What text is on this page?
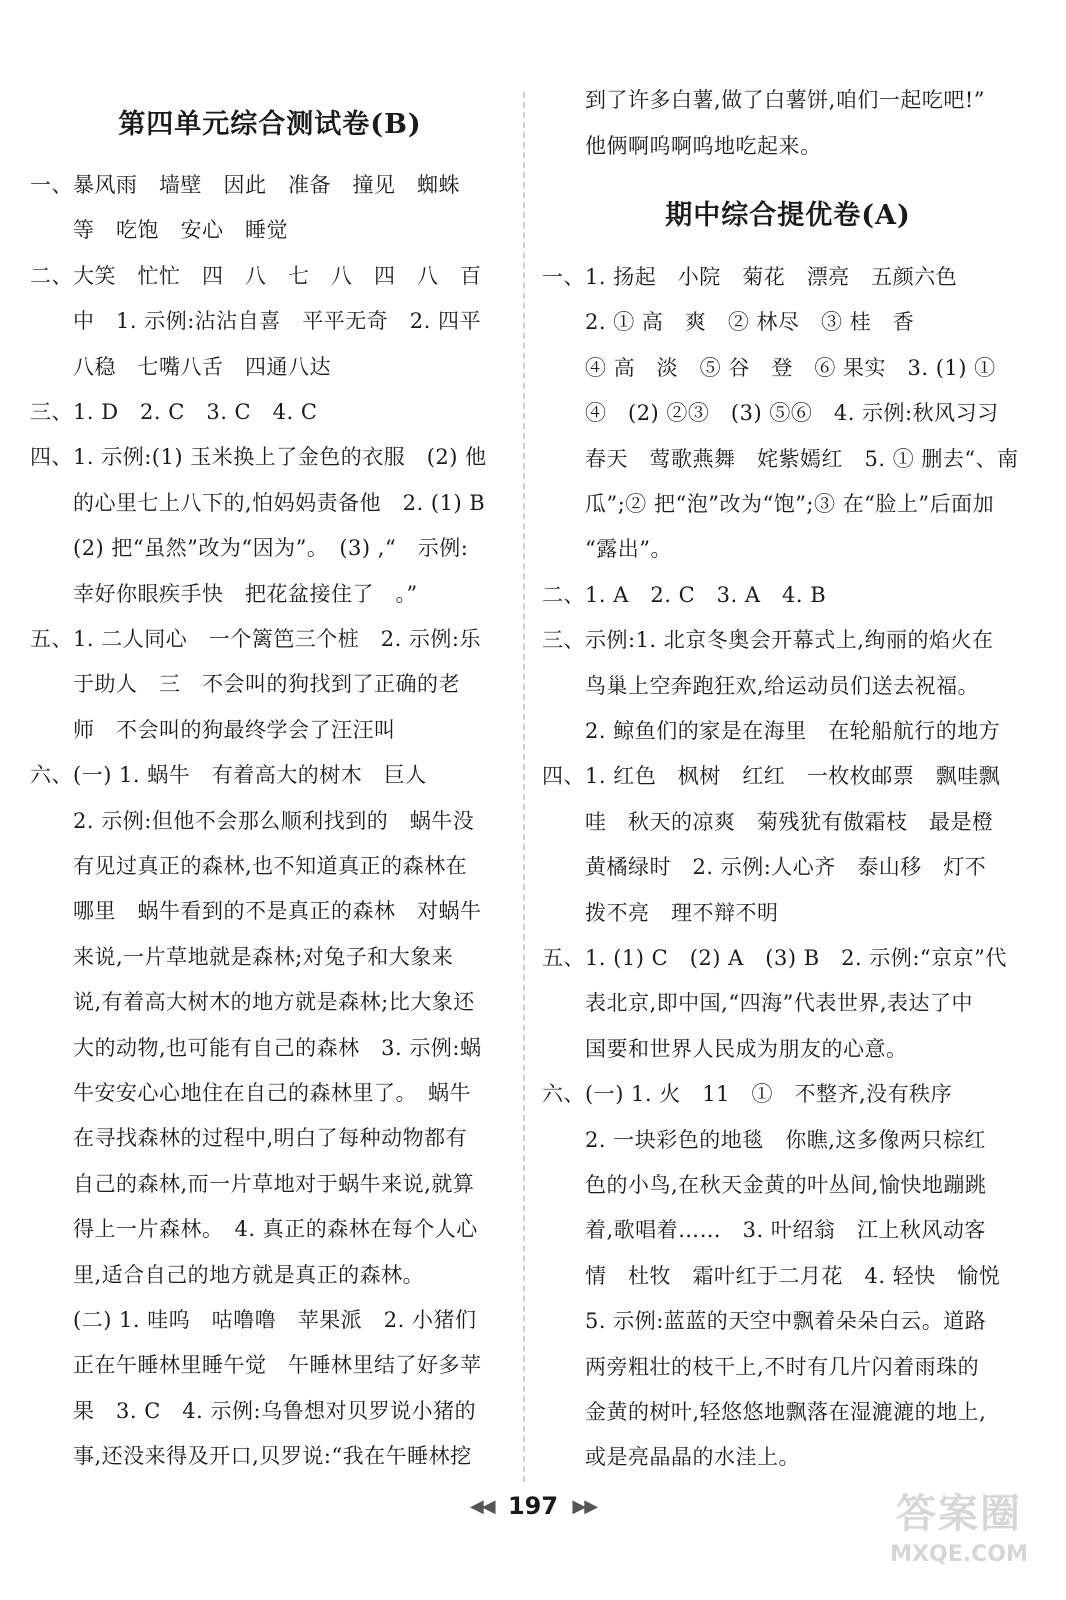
第四单元综合测试卷(B)
一、暴风雨　墙壁　因此　准备　撞见　蜘蛛
　　等　吃饱　安心　睡觉
二、大笑　忙忙　四　八　七　八　四　八　百
　　中　1. 示例:沾沾自喜　平平无奇　2. 四平
　　八稳　七嘴八舌　四通八达
三、1. D　2. C　3. C　4. C
四、1. 示例:(1) 玉米换上了金色的衣服　(2) 他
　　的心里七上八下的,怕妈妈责备他　2. (1) B
　　(2) 把“虽然”改为“因为”。　(3) ,“　示例:
　　幸好你眼疾手快　把花盆接住了　。”
五、1. 二人同心　一个篱笆三个桩　2. 示例:乐
　　于助人　三　不会叫的狗找到了正确的老
　　师　不会叫的狗最终学会了汪汪叫
六、(一) 1. 蜗牛　有着高大的树木　巨人
　　2. 示例:但他不会那么顺利找到的　蜗牛没
　　有见过真正的森林,也不知道真正的森林在
　　哪里　蜗牛看到的不是真正的森林　对蜗牛
　　来说,一片草地就是森林;对兔子和大象来
　　说,有着高大树木的地方就是森林;比大象还
　　大的动物,也可能有自己的森林　3. 示例:蜗
　　牛安安心心地住在自己的森林里了。　蜗牛
　　在寻找森林的过程中,明白了每种动物都有
　　自己的森林,而一片草地对于蜗牛来说,就算
　　得上一片森林。　4. 真正的森林在每个人心
　　里,适合自己的地方就是真正的森林。
　　(二) 1. 哇呜　咕噜噜　苹果派　2. 小猪们
　　正在午睡林里睡午觉　午睡林里结了好多苹
　　果　3. C　4. 示例:乌鲁想对贝罗说小猪的
　　事,还没来得及开口,贝罗说:“我在午睡林挖
　　到了许多白薯,做了白薯饼,咱们一起吃吧!”
　　他俩啊呜啊呜地吃起来。
期中综合提优卷(A)
一、1. 扬起　小院　菊花　漂亮　五颜六色
　　2. ① 高　爽　② 林尽　③ 桂　香
　　④ 高　淡　⑤ 谷　登　⑥ 果实　3. (1) ①
　　④　(2) ②③　(3) ⑤⑥　4. 示例:秋风习习
　　春天　莺歌燕舞　姹紫嫣红　5. ① 删去“、南
　　瓜”;② 把“泡”改为“饱”;③ 在“脸上”后面加
　　“露出”。
二、1. A　2. C　3. A　4. B
三、示例:1. 北京冬奥会开幕式上,绚丽的焰火在
　　鸟巢上空奔跑狂欢,给运动员们送去祝福。
　　2. 鲸鱼们的家是在海里　在轮船航行的地方
四、1. 红色　枫树　红红　一枚枚邮票　飘哇飘
　　哇　秋天的凉爽　菊残犹有傲霜枝　最是橙
　　黄橘绿时　2. 示例:人心齐　泰山移　灯不
　　拨不亮　理不辩不明
五、1. (1) C　(2) A　(3) B　2. 示例:“京京”代
　　表北京,即中国,“四海”代表世界,表达了中
　　国要和世界人民成为朋友的心意。
六、(一) 1. 火　11　①　不整齐,没有秩序
　　2. 一块彩色的地毯　你瞧,这多像两只棕红
　　色的小鸟,在秋天金黄的叶丛间,愉快地蹦跳
　　着,歌唱着……　3. 叶绍翁　江上秋风动客
　　情　杜牧　霜叶红于二月花　4. 轻快　愉悦
　　5. 示例:蓝蓝的天空中飘着朵朵白云。道路
　　两旁粗壮的枝干上,不时有几片闪着雨珠的
　　金黄的树叶,轻悠悠地飘落在湿漉漉的地上,
　　或是亮晶晶的水洼上。
◀◀ 197 ▶▶	答案圈
MXQE.COM
